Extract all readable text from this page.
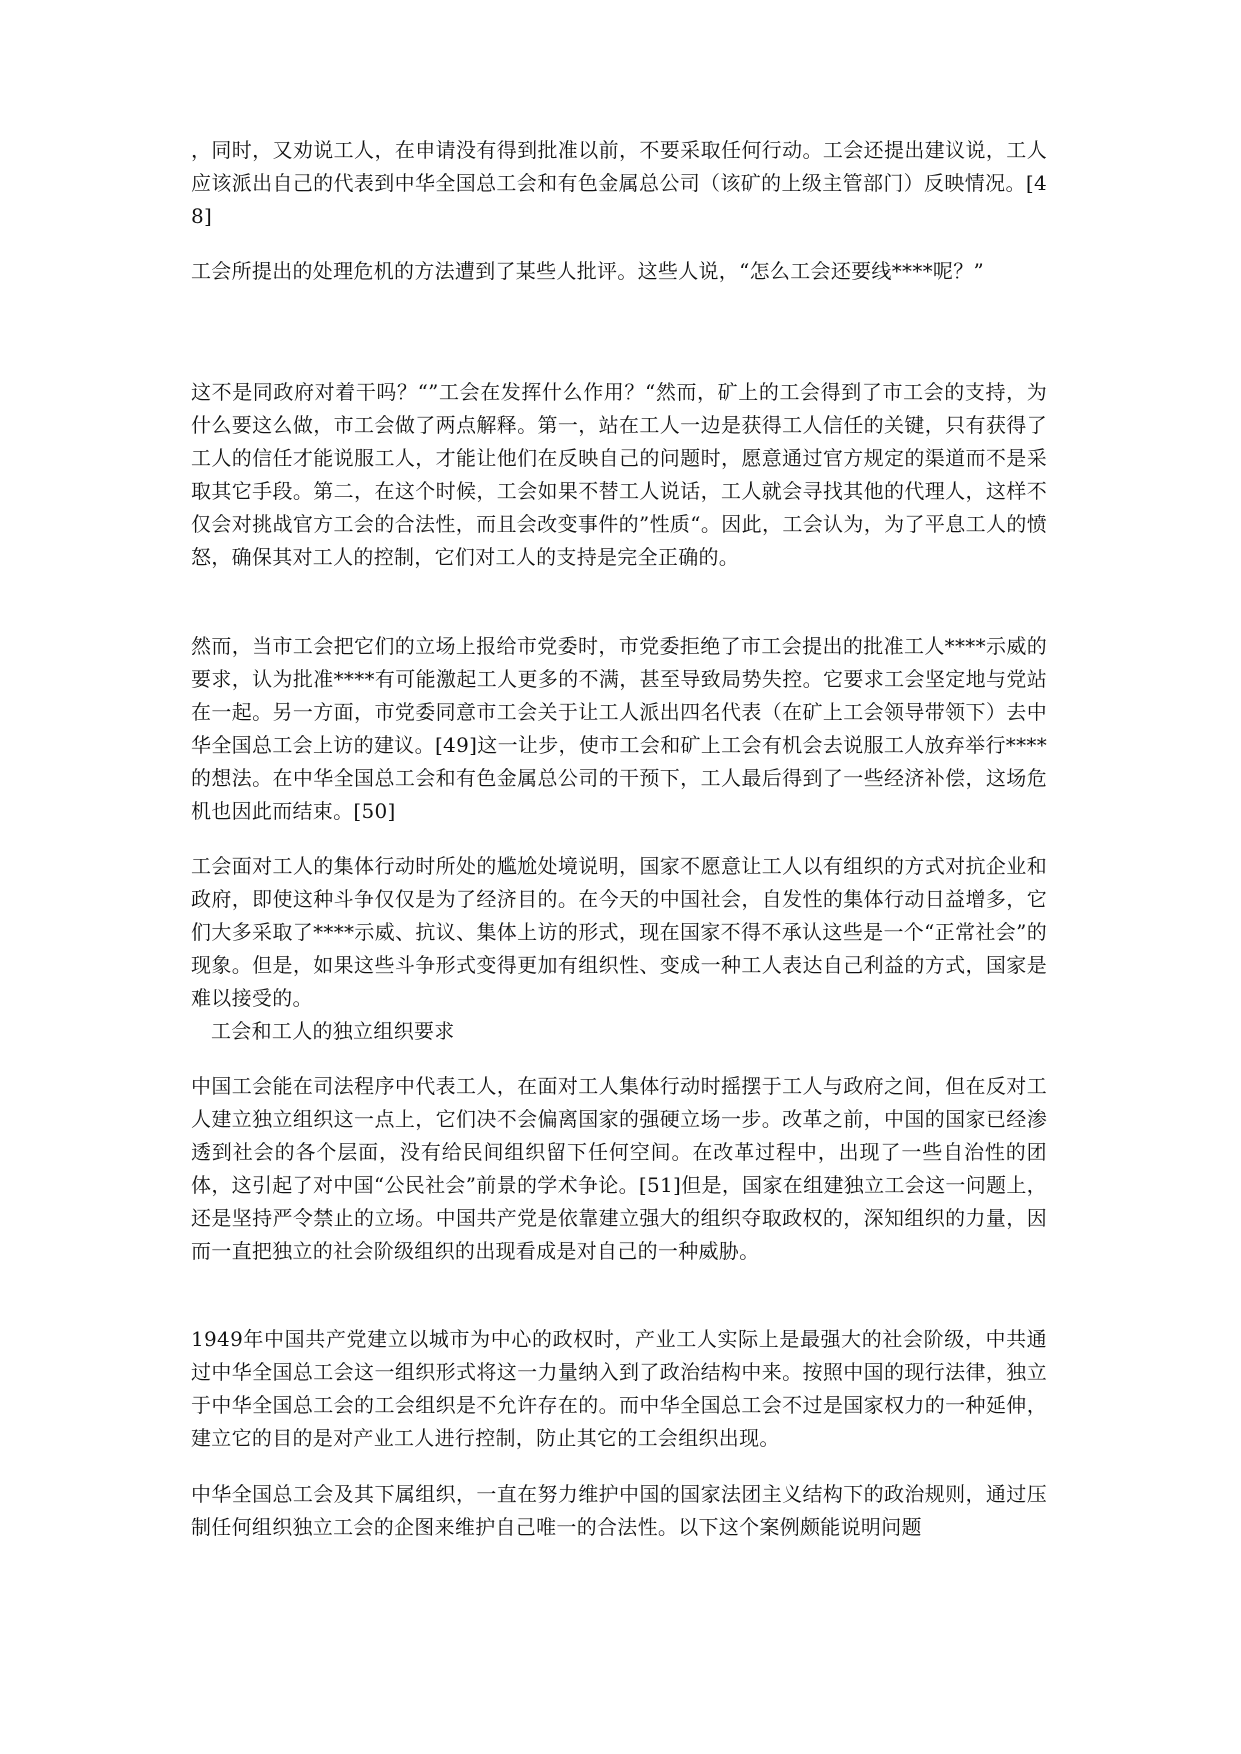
，同时，又劝说工人，在申请没有得到批准以前，不要采取任何行动。工会还提出建议说，工人应该派出自己的代表到中华全国总工会和有色金属总公司（该矿的上级主管部门）反映情况。[48]

工会所提出的处理危机的方法遭到了某些人批评。这些人说，“怎么工会还要线****呢？”

这不是同政府对着干吗？“”工会在发挥什么作用？“然而，矿上的工会得到了市工会的支持，为什么要这么做，市工会做了两点解释。第一，站在工人一边是获得工人信任的关键，只有获得了工人的信任才能说服工人，才能让他们在反映自己的问题时，愿意通过官方规定的渠道而不是采取其它手段。第二，在这个时候，工会如果不替工人说话，工人就会寻找其他的代理人，这样不仅会对挑战官方工会的合法性，而且会改变事件的”性质“。因此，工会认为，为了平息工人的愤怒，确保其对工人的控制，它们对工人的支持是完全正确的。

然而，当市工会把它们的立场上报给市党委时，市党委拒绝了市工会提出的批准工人****示威的要求，认为批准****有可能激起工人更多的不满，甚至导致局势失控。它要求工会坚定地与党站在一起。另一方面，市党委同意市工会关于让工人派出四名代表（在矿上工会领导带领下）去中华全国总工会上访的建议。[49]这一让步，使市工会和矿上工会有机会去说服工人放弃举行****的想法。在中华全国总工会和有色金属总公司的干预下，工人最后得到了一些经济补偿，这场危机也因此而结束。[50]

工会面对工人的集体行动时所处的尴尬处境说明，国家不愿意让工人以有组织的方式对抗企业和政府，即使这种斗争仅仅是为了经济目的。在今天的中国社会，自发性的集体行动日益增多，它们大多采取了****示威、抗议、集体上访的形式，现在国家不得不承认这些是一个“正常社会”的现象。但是，如果这些斗争形式变得更加有组织性、变成一种工人表达自己利益的方式，国家是难以接受的。

工会和工人的独立组织要求

中国工会能在司法程序中代表工人，在面对工人集体行动时摇摆于工人与政府之间，但在反对工人建立独立组织这一点上，它们决不会偏离国家的强硬立场一步。改革之前，中国的国家已经渗透到社会的各个层面，没有给民间组织留下任何空间。在改革过程中，出现了一些自治性的团体，这引起了对中国“公民社会”前景的学术争论。[51]但是，国家在组建独立工会这一问题上，还是坚持严令禁止的立场。中国共产党是依靠建立强大的组织夺取政权的，深知组织的力量，因而一直把独立的社会阶级组织的出现看成是对自己的一种威胁。

1949年中国共产党建立以城市为中心的政权时，产业工人实际上是最强大的社会阶级，中共通过中华全国总工会这一组织形式将这一力量纳入到了政治结构中来。按照中国的现行法律，独立于中华全国总工会的工会组织是不允许存在的。而中华全国总工会不过是国家权力的一种延伸，建立它的目的是对产业工人进行控制，防止其它的工会组织出现。

中华全国总工会及其下属组织，一直在努力维护中国的国家法团主义结构下的政治规则，通过压制任何组织独立工会的企图来维护自己唯一的合法性。以下这个案例颇能说明问题
